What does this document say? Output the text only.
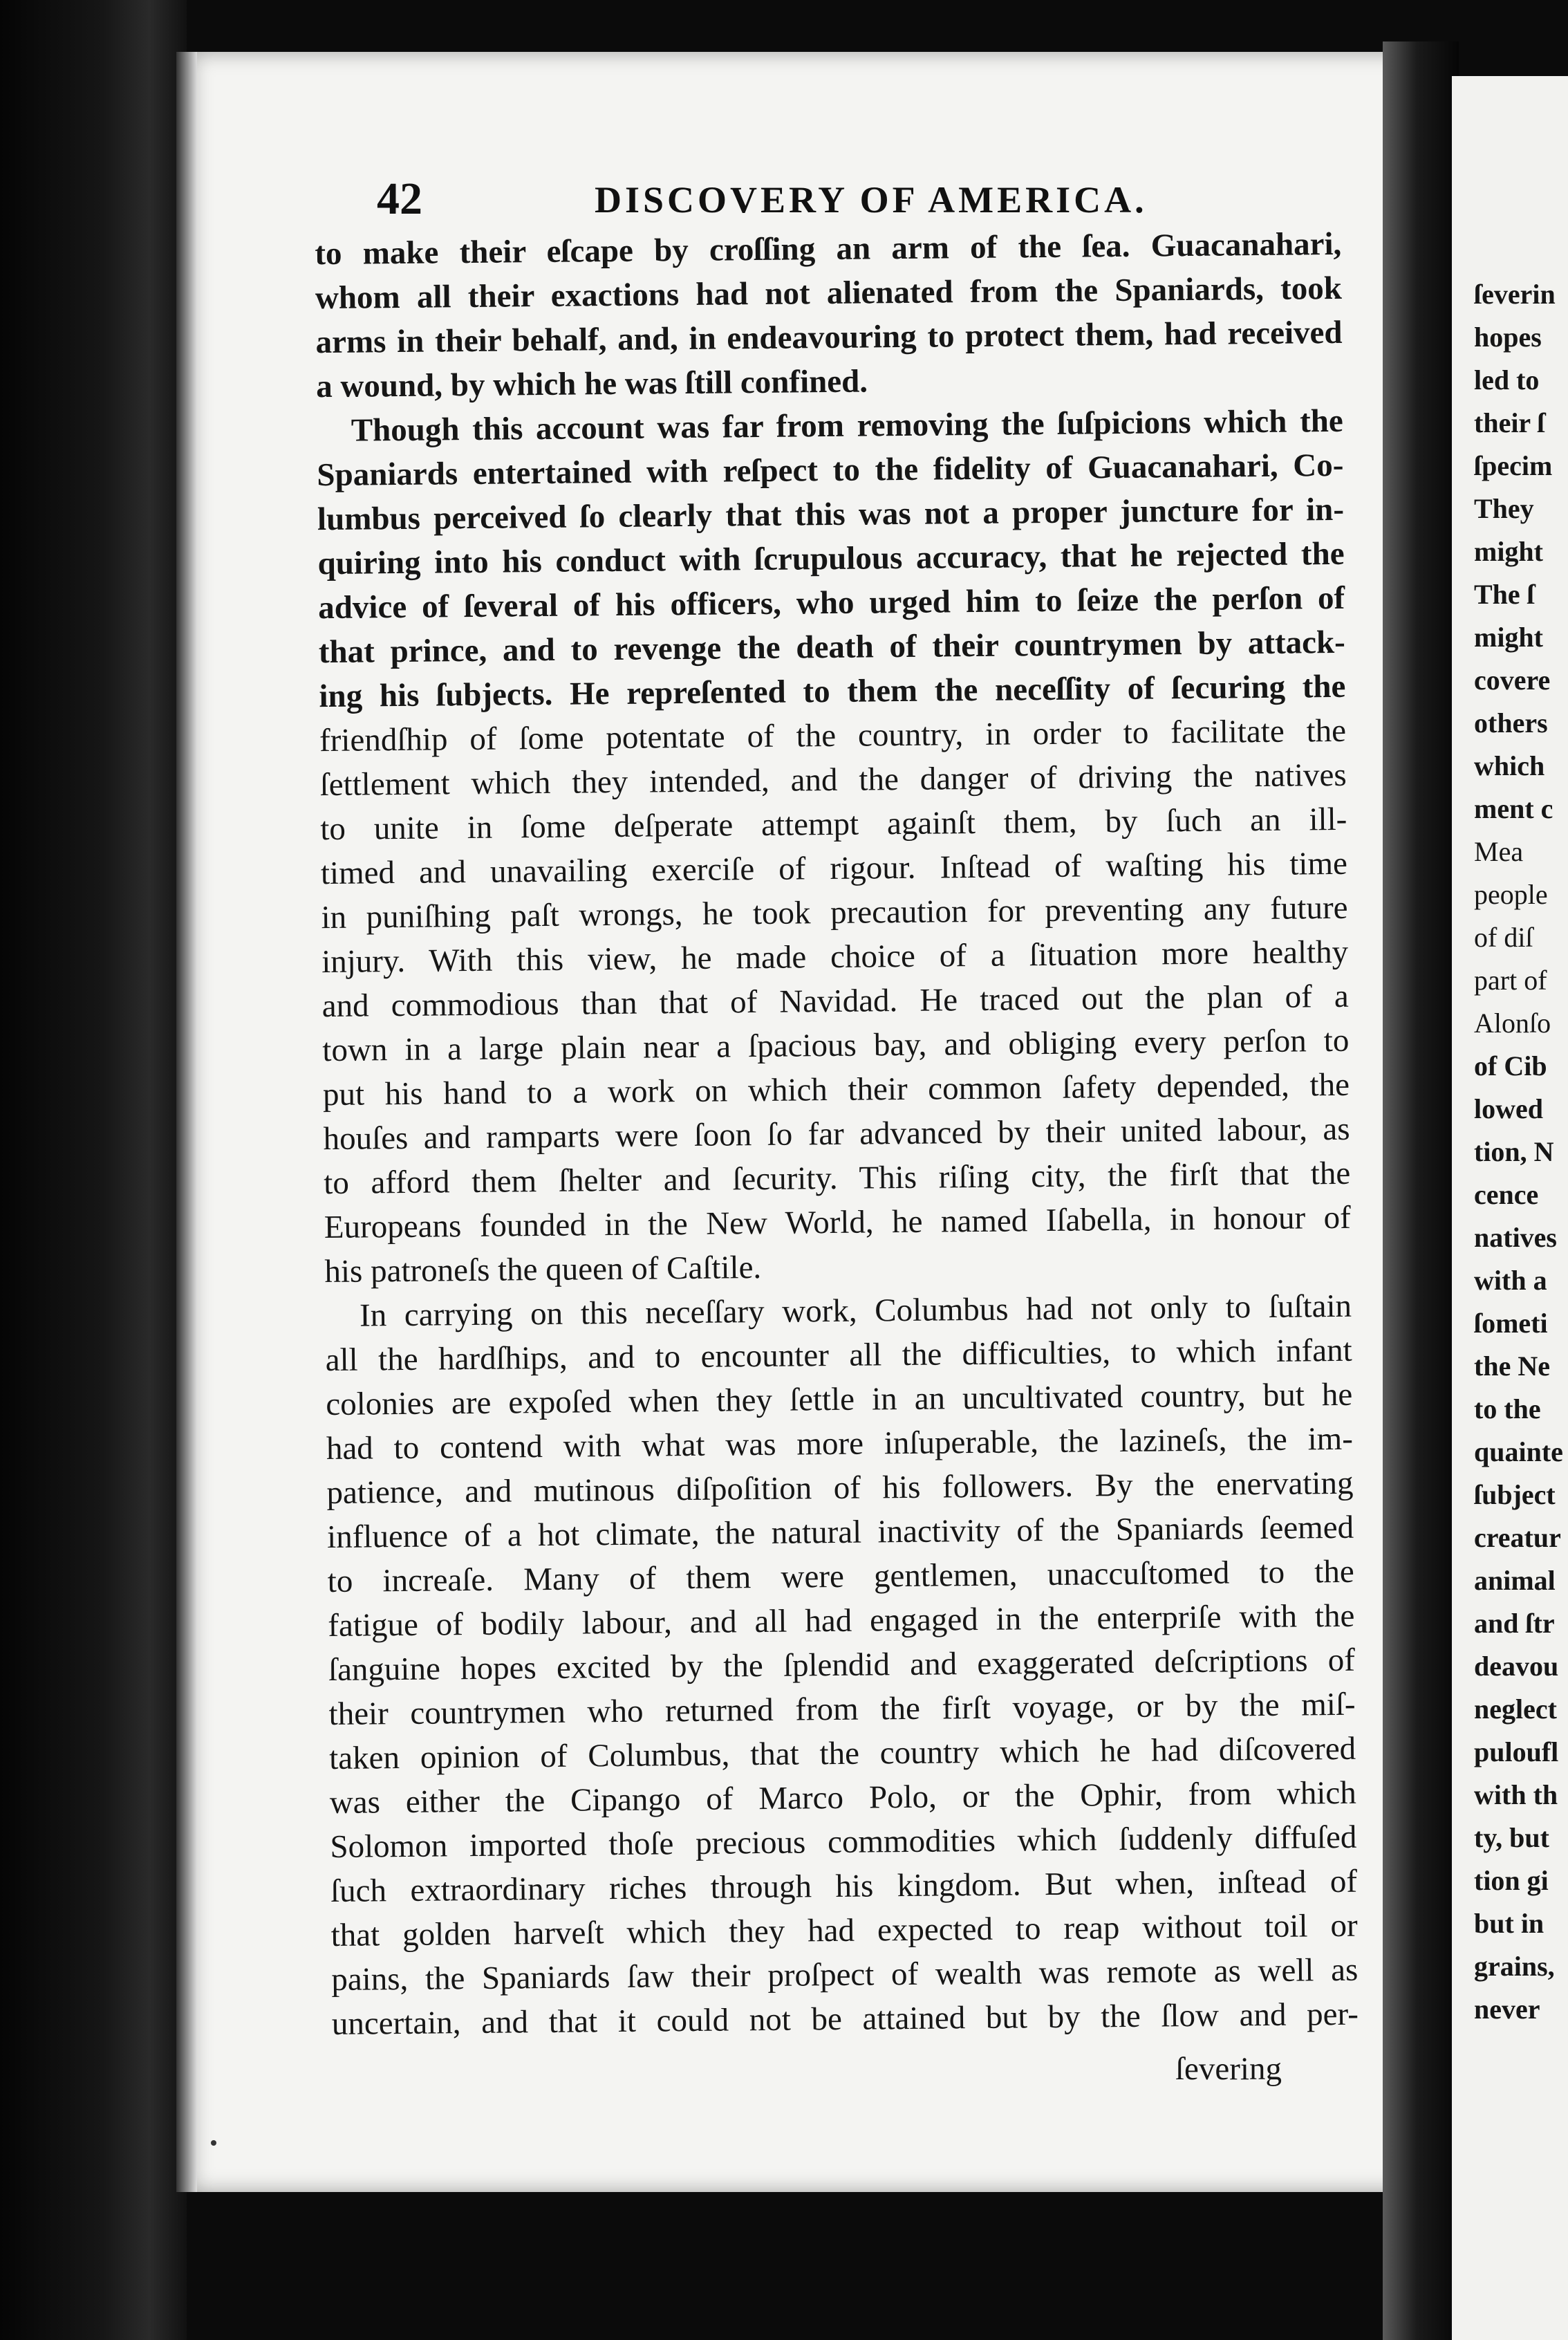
42	DISCOVERY OF AMERICA.
to make their eſcape by croſſing an arm of the ſea. Guacanahari,
whom all their exactions had not alienated from the Spaniards, took
arms in their behalf, and, in endeavouring to protect them, had received
a wound, by which he was ſtill confined.
Though this account was far from removing the ſuſpicions which the
Spaniards entertained with reſpect to the fidelity of Guacanahari, Co-
lumbus perceived ſo clearly that this was not a proper juncture for in-
quiring into his conduct with ſcrupulous accuracy, that he rejected the
advice of ſeveral of his officers, who urged him to ſeize the perſon of
that prince, and to revenge the death of their countrymen by attack-
ing his ſubjects. He repreſented to them the neceſſity of ſecuring the
friendſhip of ſome potentate of the country, in order to facilitate the
ſettlement which they intended, and the danger of driving the natives
to unite in ſome deſperate attempt againſt them, by ſuch an ill-
timed and unavailing exerciſe of rigour. Inſtead of waſting his time
in puniſhing paſt wrongs, he took precaution for preventing any future
injury. With this view, he made choice of a ſituation more healthy
and commodious than that of Navidad. He traced out the plan of a
town in a large plain near a ſpacious bay, and obliging every perſon to
put his hand to a work on which their common ſafety depended, the
houſes and ramparts were ſoon ſo far advanced by their united labour, as
to afford them ſhelter and ſecurity. This riſing city, the firſt that the
Europeans founded in the New World, he named Iſabella, in honour of
his patroneſs the queen of Caſtile.
In carrying on this neceſſary work, Columbus had not only to ſuſtain
all the hardſhips, and to encounter all the difficulties, to which infant
colonies are expoſed when they ſettle in an uncultivated country, but he
had to contend with what was more inſuperable, the lazineſs, the im-
patience, and mutinous diſpoſition of his followers. By the enervating
influence of a hot climate, the natural inactivity of the Spaniards ſeemed
to increaſe. Many of them were gentlemen, unaccuſtomed to the
fatigue of bodily labour, and all had engaged in the enterpriſe with the
ſanguine hopes excited by the ſplendid and exaggerated deſcriptions of
their countrymen who returned from the firſt voyage, or by the miſ-
taken opinion of Columbus, that the country which he had diſcovered
was either the Cipango of Marco Polo, or the Ophir, from which
Solomon imported thoſe precious commodities which ſuddenly diffuſed
ſuch extraordinary riches through his kingdom. But when, inſtead of
that golden harveſt which they had expected to reap without toil or
pains, the Spaniards ſaw their proſpect of wealth was remote as well as
uncertain, and that it could not be attained but by the ſlow and per-
ſevering
ſeverin
hopes
led to
their ſ
ſpecim
They
might
The ſ
might
covere
others
which
ment c
Mea
people
of diſ
part of
Alonſo
of Cib
lowed
tion, N
cence
natives
with a
ſometi
the Ne
to the
quainte
ſubject
creatur
animal
and ſtr
deavou
neglect
puloufl
with th
ty, but
tion gi
but in
grains,
never
